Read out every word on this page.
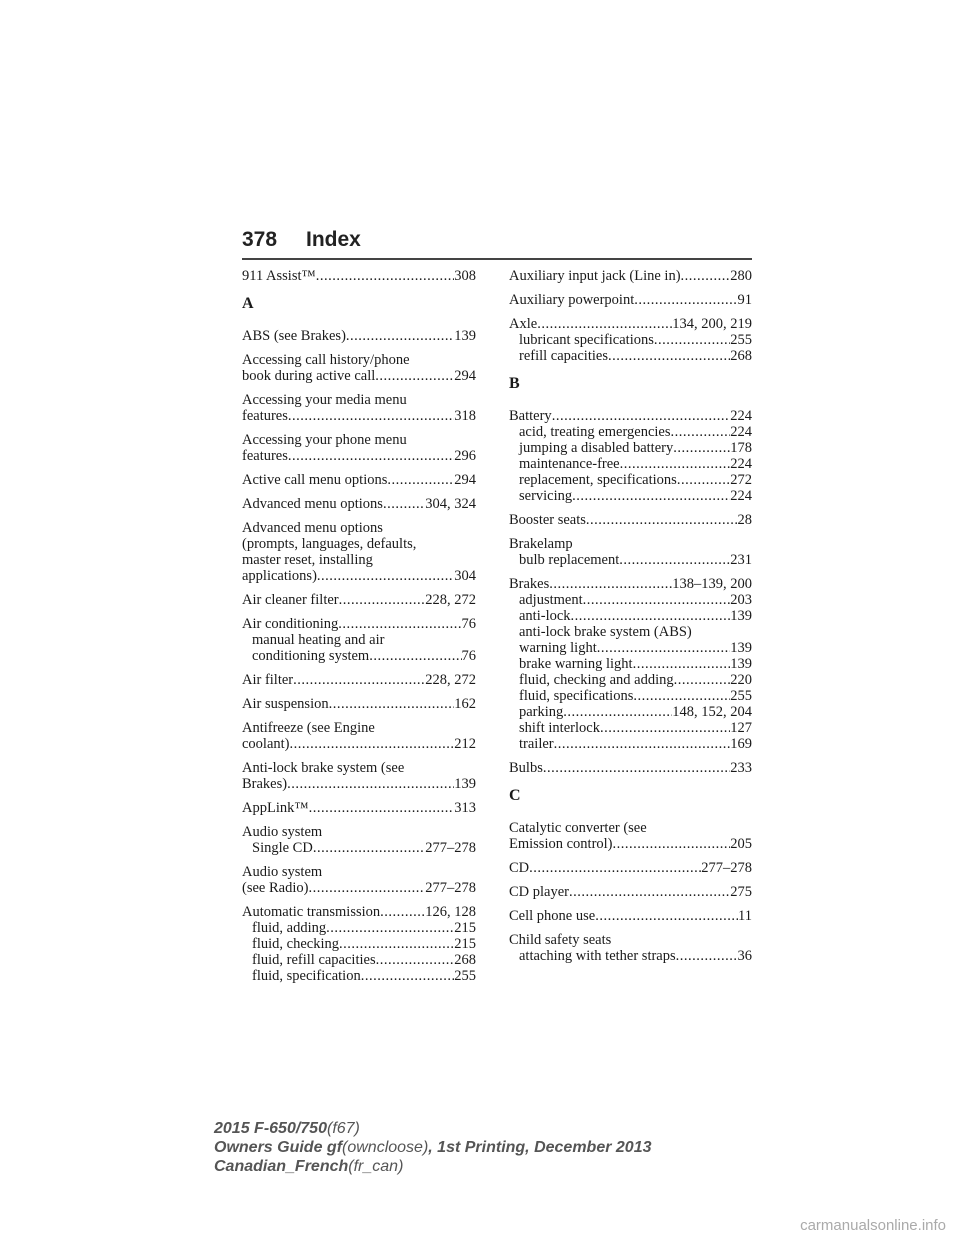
378 Index
911 Assist™ .....	308
A
ABS (see Brakes) .....	139
Accessing call history/phone
book during active call .....	294
Accessing your media menu
features .....	318
Accessing your phone menu
features .....	296
Active call menu options .....	294
Advanced menu options .....	304, 324
Advanced menu options
(prompts, languages, defaults,
master reset, installing
applications) .....	304
Air cleaner filter .....	228, 272
Air conditioning .....	76
manual heating and air
conditioning system .....	76
Air filter .....	228, 272
Air suspension .....	162
Antifreeze (see Engine
coolant) .....	212
Anti-lock brake system (see
Brakes) .....	139
AppLink™ .....	313
Audio system
Single CD .....	277–278
Audio system
(see Radio) .....	277–278
Automatic transmission .....	126, 128
fluid, adding .....	215
fluid, checking .....	215
fluid, refill capacities .....	268
fluid, specification .....	255
Auxiliary input jack (Line in) .....	280
Auxiliary powerpoint .....	91
Axle .....	134, 200, 219
lubricant specifications .....	255
refill capacities .....	268
B
Battery .....	224
acid, treating emergencies .....	224
jumping a disabled battery .....	178
maintenance-free .....	224
replacement, specifications .....	272
servicing .....	224
Booster seats .....	28
Brakelamp
bulb replacement .....	231
Brakes .....	138–139, 200
adjustment .....	203
anti-lock .....	139
anti-lock brake system (ABS)
warning light .....	139
brake warning light .....	139
fluid, checking and adding .....	220
fluid, specifications .....	255
parking .....	148, 152, 204
shift interlock .....	127
trailer .....	169
Bulbs .....	233
C
Catalytic converter (see
Emission control) .....	205
CD .....	277–278
CD player .....	275
Cell phone use .....	11
Child safety seats
attaching with tether straps .....	36
2015 F-650/750(f67)
Owners Guide gf(owncloose), 1st Printing, December 2013
Canadian_French(fr_can)
carmanualsonline.info
